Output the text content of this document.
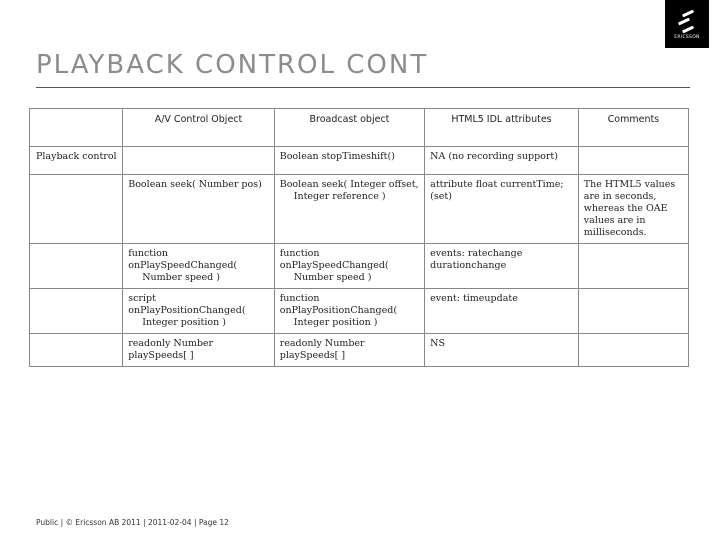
PLAYBACK CONTROL CONT
ERICSSON
	A/V Control Object	Broadcast object	HTML5 IDL attributes	Comments
Playback control		Boolean stopTimeshift()	NA (no recording support)	
	Boolean seek( Number pos)	Boolean seek( Integer offset,
Integer reference )	attribute float currentTime; (set)	The HTML5 values are in seconds, whereas the OAE values are in milliseconds.
	function onPlaySpeedChanged(
Number speed )	function onPlaySpeedChanged(
Number speed )	events: ratechange
durationchange	
	script onPlayPositionChanged(
Integer position )	function onPlayPositionChanged(
Integer position )	event: timeupdate	
	readonly Number playSpeeds[ ]	readonly Number playSpeeds[ ]	NS	
Public | © Ericsson AB 2011 | 2011-02-04 | Page 12
